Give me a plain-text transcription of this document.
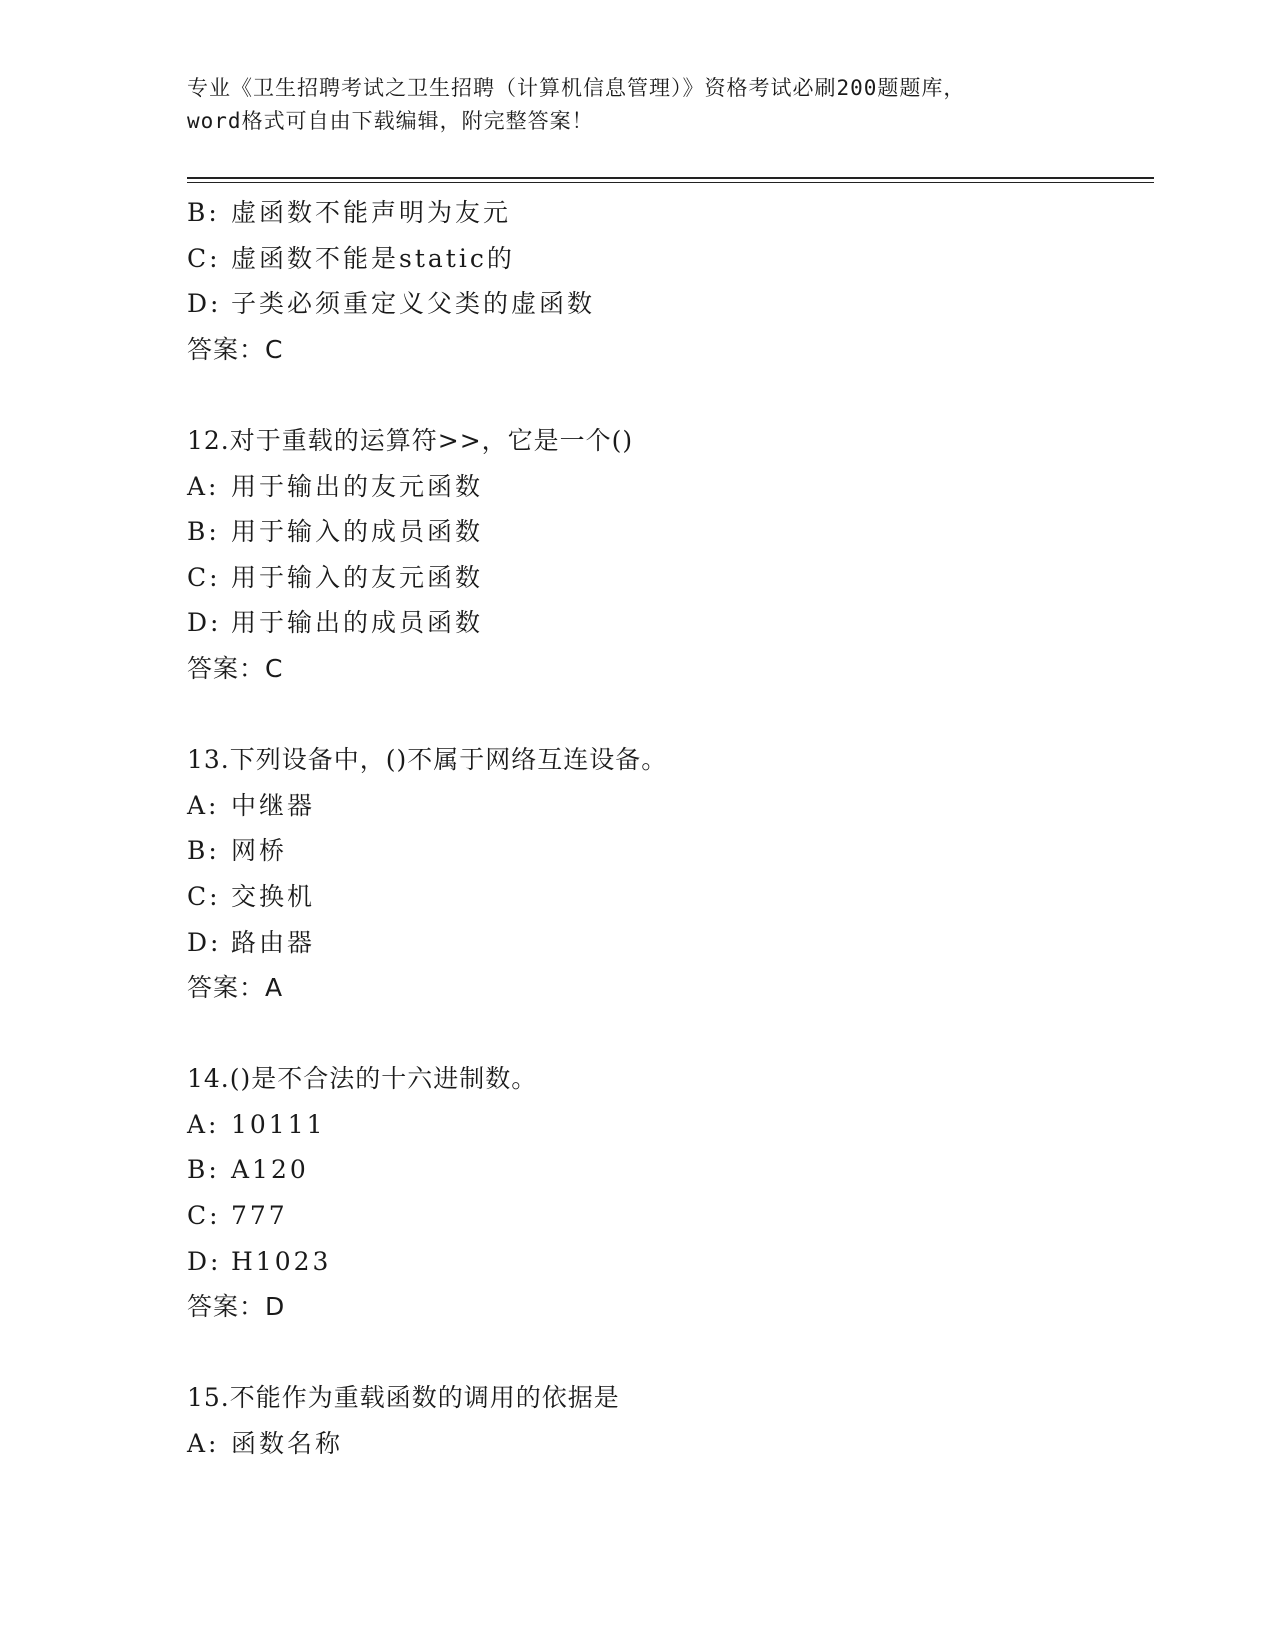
专业《卫生招聘考试之卫生招聘（计算机信息管理）》资格考试必刷200题题库，
word格式可自由下载编辑，附完整答案！
B: 虚函数不能声明为友元
C: 虚函数不能是static的
D: 子类必须重定义父类的虚函数
答案：C
12.对于重载的运算符>>，它是一个()
A: 用于输出的友元函数
B: 用于输入的成员函数
C: 用于输入的友元函数
D: 用于输出的成员函数
答案：C
13.下列设备中，()不属于网络互连设备。
A: 中继器
B: 网桥
C: 交换机
D: 路由器
答案：A
14.()是不合法的十六进制数。
A: 10111
B: A120
C: 777
D: H1023
答案：D
15.不能作为重载函数的调用的依据是
A: 函数名称
